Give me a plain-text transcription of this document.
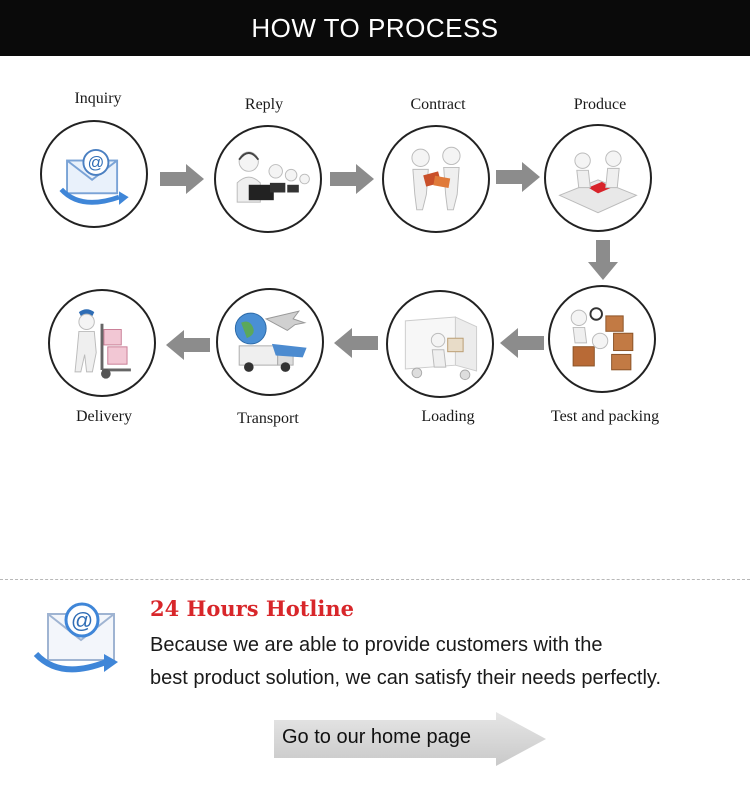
HOW TO PROCESS
Inquiry
@
Reply	Contract	Produce
Test and packing
Loading
Transport
Delivery
@	24 Hours Hotline
Because we are able to provide customers with the
best product solution, we can satisfy their needs perfectly.
Go to our home page
